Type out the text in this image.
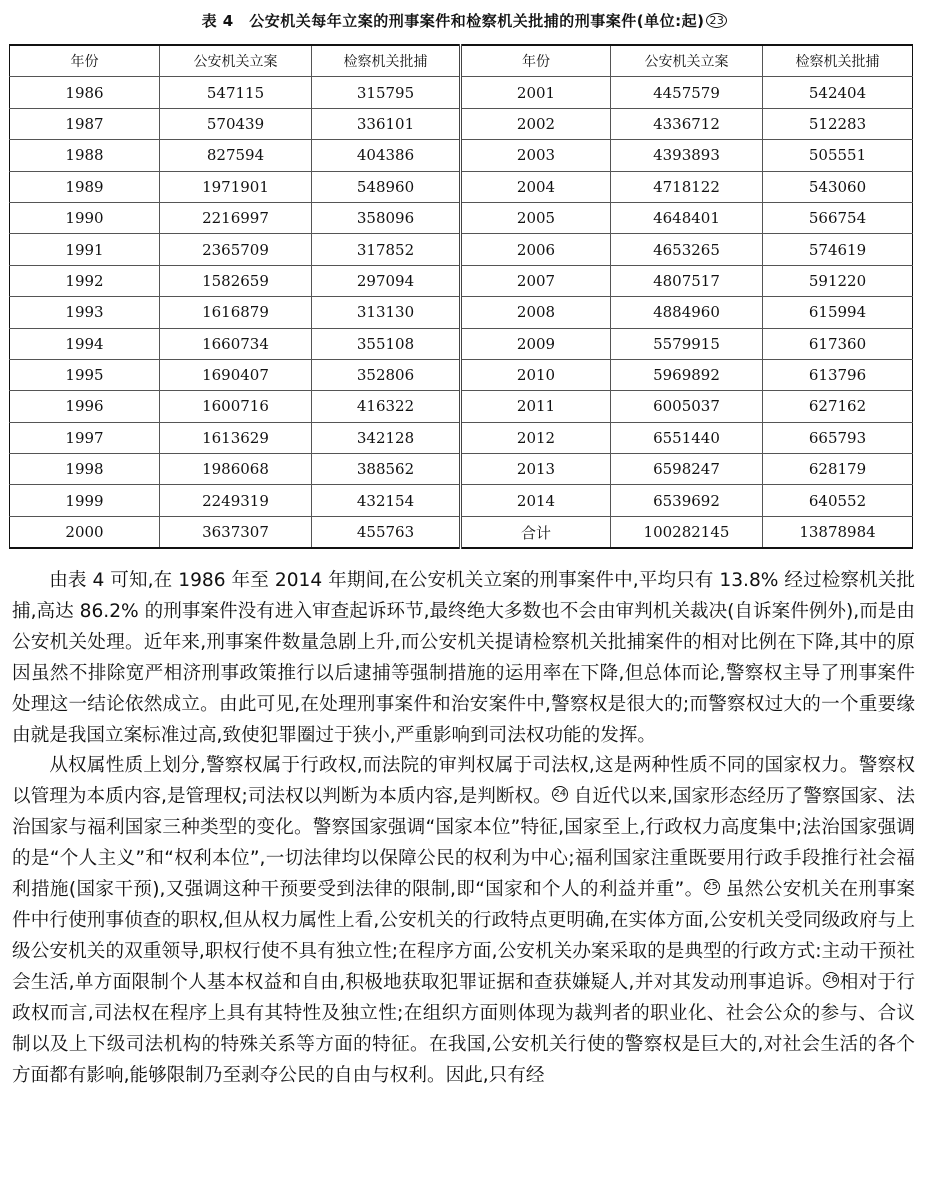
表 4　公安机关每年立案的刑事案件和检察机关批捕的刑事案件(单位:起) 23
年份	公安机关立案	检察机关批捕	年份	公安机关立案	检察机关批捕
1986	547115	315795	2001	4457579	542404
1987	570439	336101	2002	4336712	512283
1988	827594	404386	2003	4393893	505551
1989	1971901	548960	2004	4718122	543060
1990	2216997	358096	2005	4648401	566754
1991	2365709	317852	2006	4653265	574619
1992	1582659	297094	2007	4807517	591220
1993	1616879	313130	2008	4884960	615994
1994	1660734	355108	2009	5579915	617360
1995	1690407	352806	2010	5969892	613796
1996	1600716	416322	2011	6005037	627162
1997	1613629	342128	2012	6551440	665793
1998	1986068	388562	2013	6598247	628179
1999	2249319	432154	2014	6539692	640552
2000	3637307	455763	合计	100282145	13878984

由表 4 可知,在 1986 年至 2014 年期间,在公安机关立案的刑事案件中,平均只有 13.8% 经过检察机关批捕,高达 86.2% 的刑事案件没有进入审查起诉环节,最终绝大多数也不会由审判机关裁决(自诉案件例外),而是由公安机关处理。近年来,刑事案件数量急剧上升,而公安机关提请检察机关批捕案件的相对比例在下降,其中的原因虽然不排除宽严相济刑事政策推行以后逮捕等强制措施的运用率在下降,但总体而论,警察权主导了刑事案件处理这一结论依然成立。由此可见,在处理刑事案件和治安案件中,警察权是很大的;而警察权过大的一个重要缘由就是我国立案标准过高,致使犯罪圈过于狭小,严重影响到司法权功能的发挥。

从权属性质上划分,警察权属于行政权,而法院的审判权属于司法权,这是两种性质不同的国家权力。警察权以管理为本质内容,是管理权;司法权以判断为本质内容,是判断权。 24 自近代以来,国家形态经历了警察国家、法治国家与福利国家三种类型的变化。警察国家强调“国家本位”特征,国家至上,行政权力高度集中;法治国家强调的是“个人主义”和“权利本位”,一切法律均以保障公民的权利为中心;福利国家注重既要用行政手段推行社会福利措施(国家干预),又强调这种干预要受到法律的限制,即“国家和个人的利益并重”。 25 虽然公安机关在刑事案件中行使刑事侦查的职权,但从权力属性上看,公安机关的行政特点更明确,在实体方面,公安机关受同级政府与上级公安机关的双重领导,职权行使不具有独立性;在程序方面,公安机关办案采取的是典型的行政方式:主动干预社会生活,单方面限制个人基本权益和自由,积极地获取犯罪证据和查获嫌疑人,并对其发动刑事追诉。 26相对于行政权而言,司法权在程序上具有其特性及独立性;在组织方面则体现为裁判者的职业化、社会公众的参与、合议制以及上下级司法机构的特殊关系等方面的特征。在我国,公安机关行使的警察权是巨大的,对社会生活的各个方面都有影响,能够限制乃至剥夺公民的自由与权利。因此,只有经
